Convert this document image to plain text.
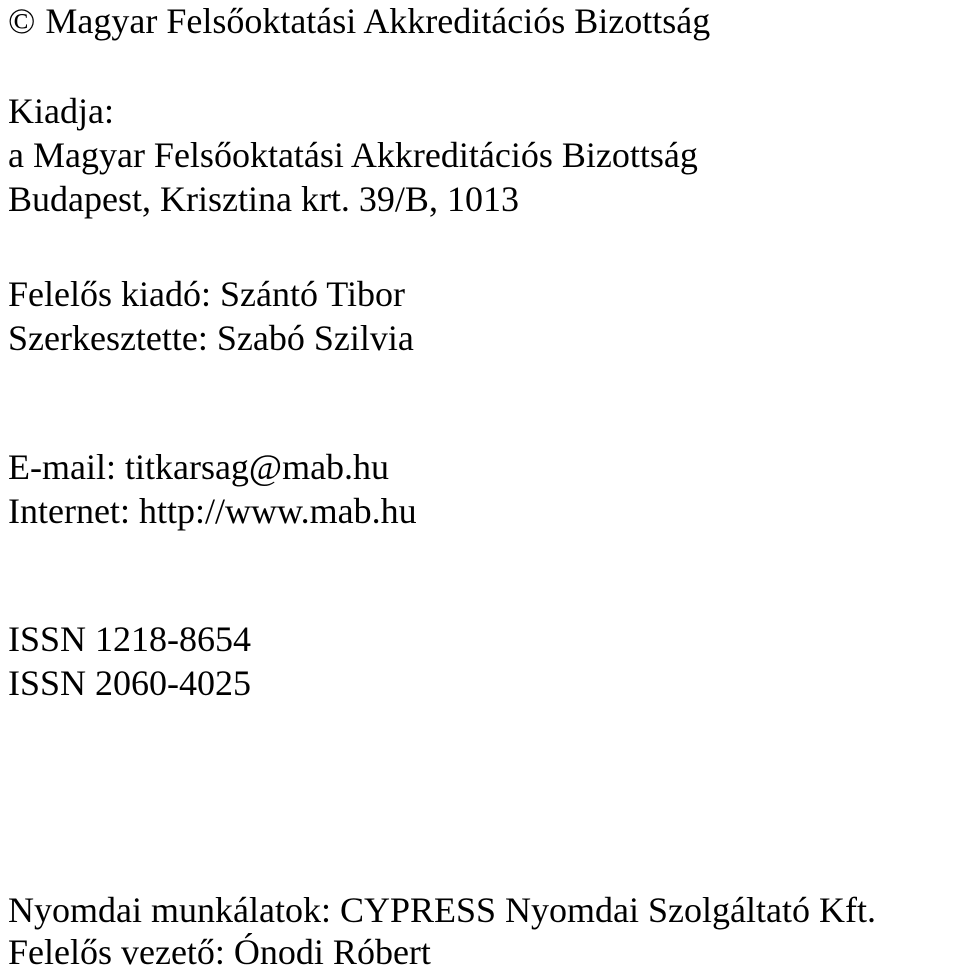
© Magyar Felsőoktatási Akkreditációs Bizottság
Kiadja:
a Magyar Felsőoktatási Akkreditációs Bizottság
Budapest, Krisztina krt. 39/B, 1013
Felelős kiadó: Szántó Tibor
Szerkesztette: Szabó Szilvia
E-mail: titkarsag@mab.hu
Internet: http://www.mab.hu
ISSN 1218-8654
ISSN 2060-4025
Nyomdai munkálatok: CYPRESS Nyomdai Szolgáltató Kft.
Felelős vezető: Ónodi Róbert
